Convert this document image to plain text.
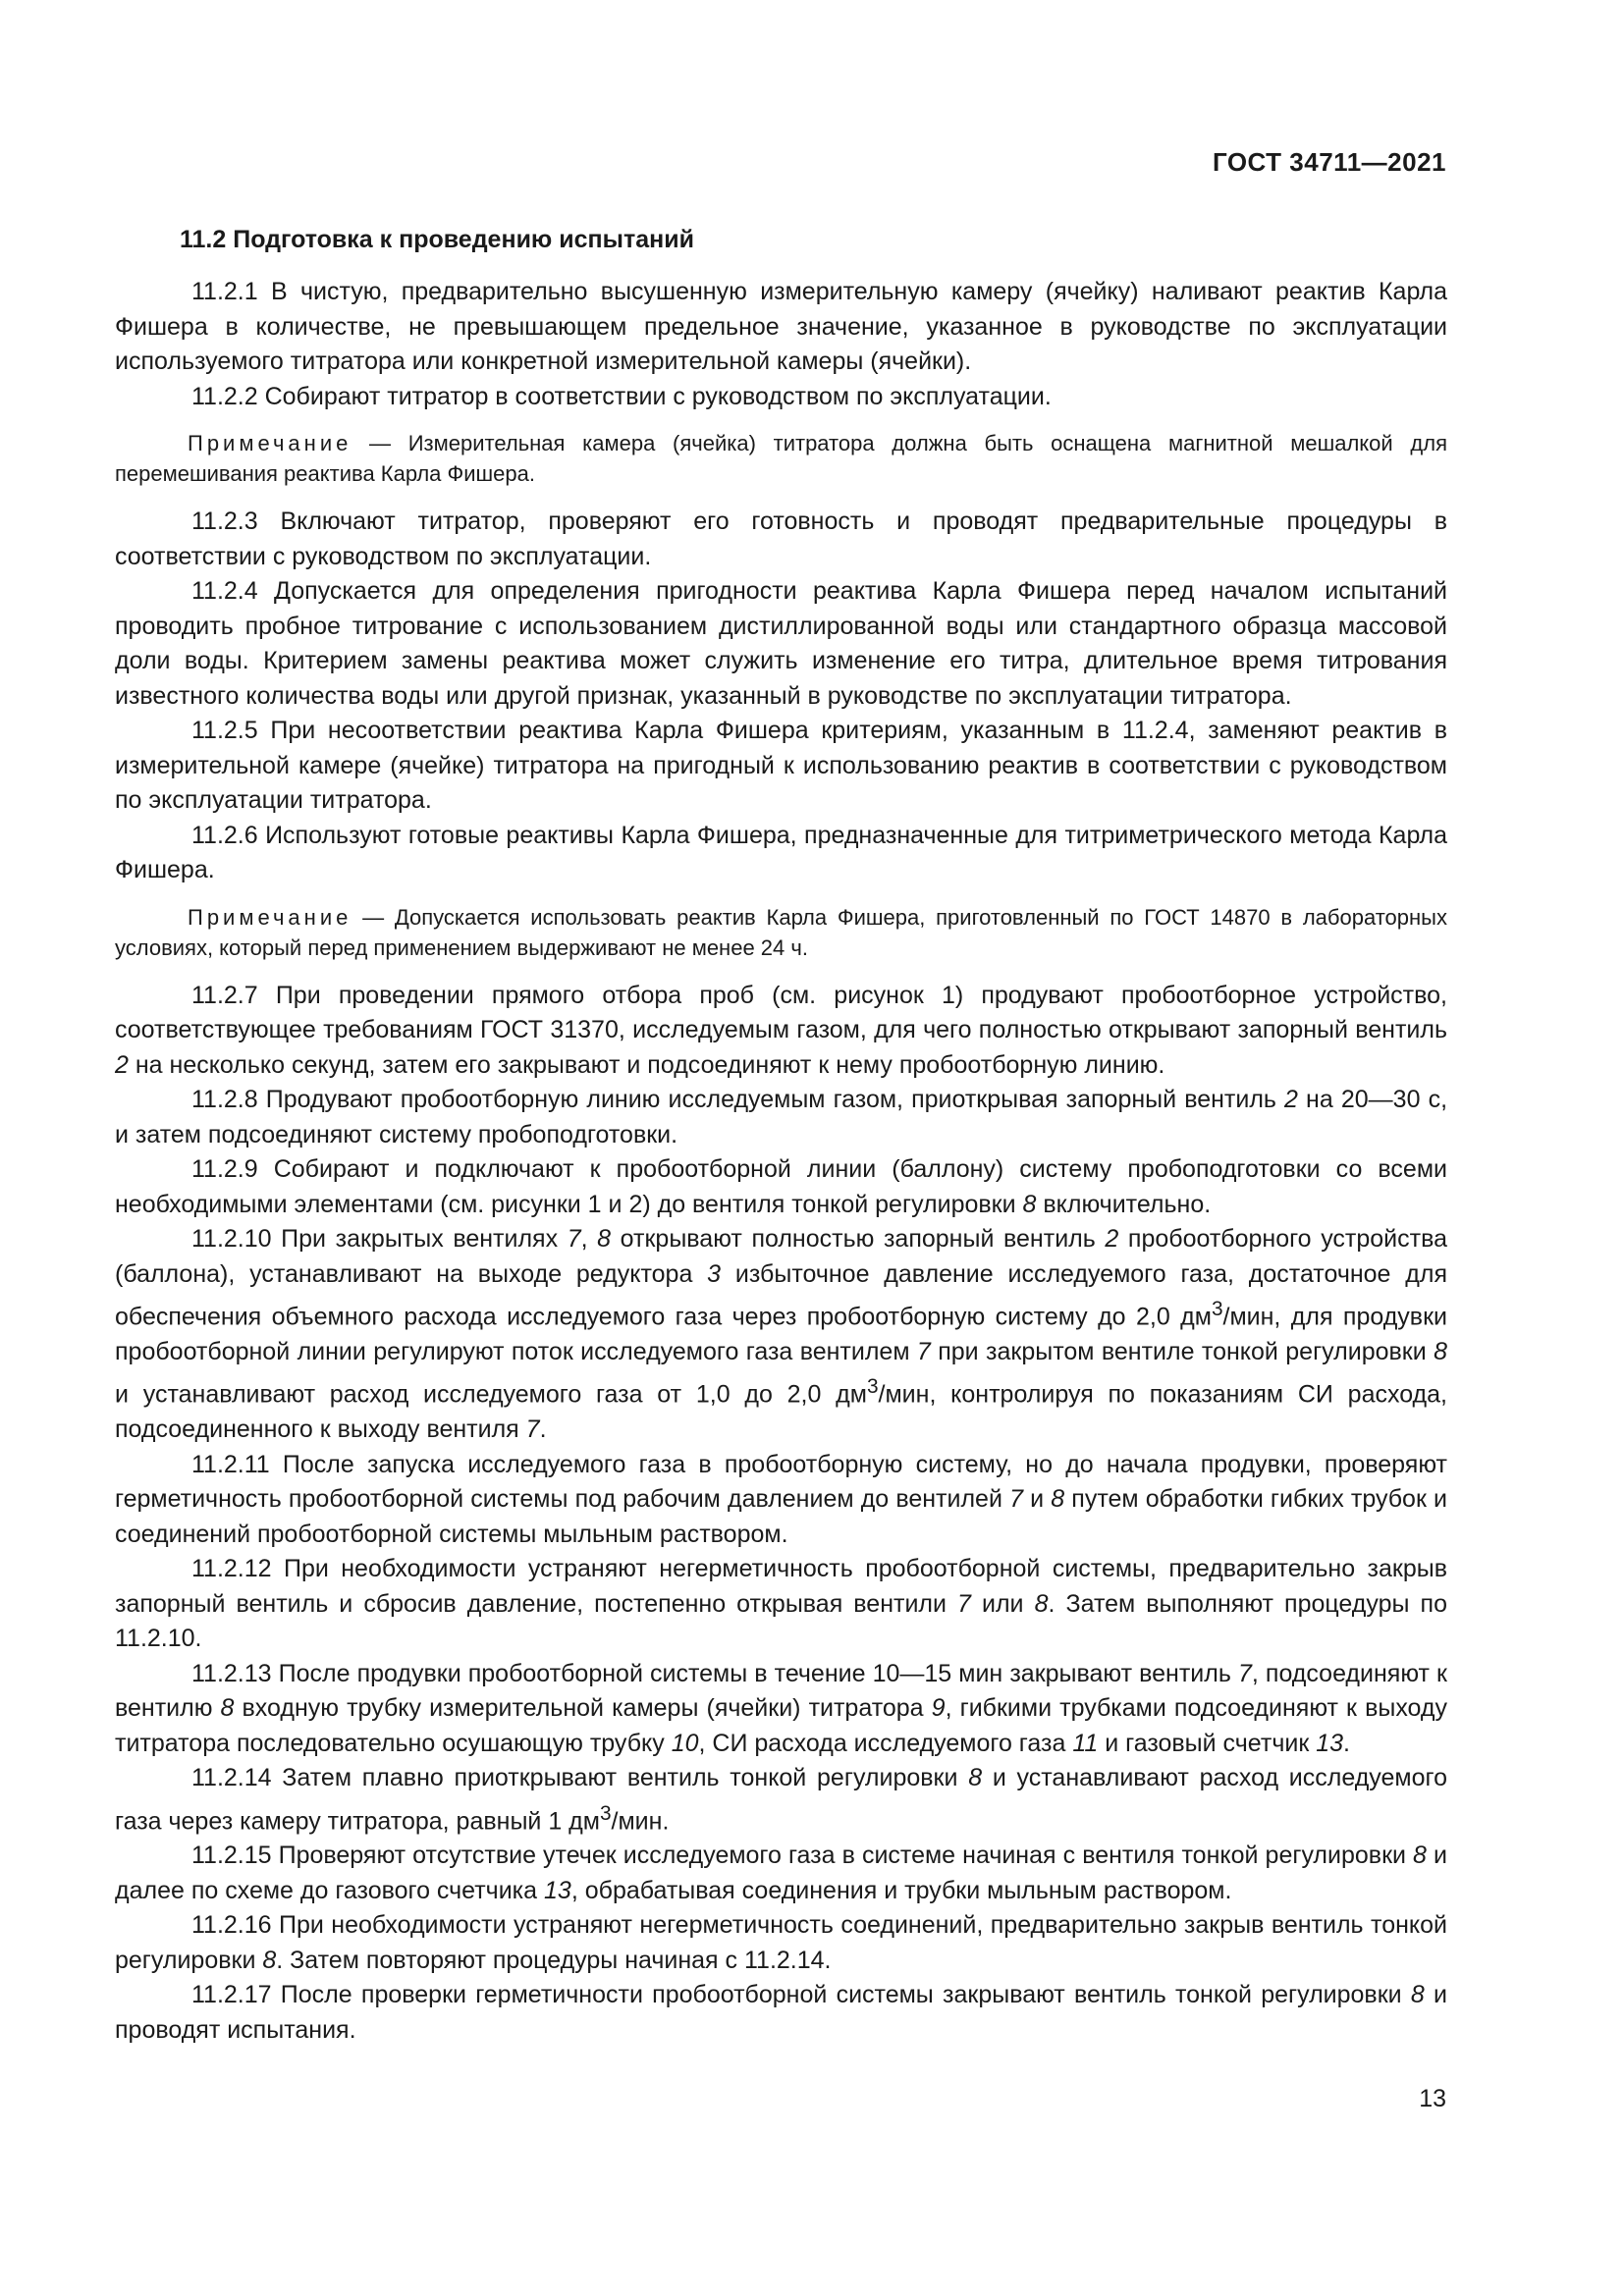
ГОСТ 34711—2021
11.2 Подготовка к проведению испытаний

11.2.1 В чистую, предварительно высушенную измерительную камеру (ячейку) наливают реактив Карла Фишера в количестве, не превышающем предельное значение, указанное в руководстве по эксплуатации используемого титратора или конкретной измерительной камеры (ячейки).

11.2.2 Собирают титратор в соответствии с руководством по эксплуатации.

Примечание — Измерительная камера (ячейка) титратора должна быть оснащена магнитной мешалкой для перемешивания реактива Карла Фишера.

11.2.3 Включают титратор, проверяют его готовность и проводят предварительные процедуры в соответствии с руководством по эксплуатации.

11.2.4 Допускается для определения пригодности реактива Карла Фишера перед началом испытаний проводить пробное титрование с использованием дистиллированной воды или стандартного образца массовой доли воды. Критерием замены реактива может служить изменение его титра, длительное время титрования известного количества воды или другой признак, указанный в руководстве по эксплуатации титратора.

11.2.5 При несоответствии реактива Карла Фишера критериям, указанным в 11.2.4, заменяют реактив в измерительной камере (ячейке) титратора на пригодный к использованию реактив в соответствии с руководством по эксплуатации титратора.

11.2.6 Используют готовые реактивы Карла Фишера, предназначенные для титриметрического метода Карла Фишера.

Примечание — Допускается использовать реактив Карла Фишера, приготовленный по ГОСТ 14870 в лабораторных условиях, который перед применением выдерживают не менее 24 ч.

11.2.7 При проведении прямого отбора проб (см. рисунок 1) продувают пробоотборное устройство, соответствующее требованиям ГОСТ 31370, исследуемым газом, для чего полностью открывают запорный вентиль 2 на несколько секунд, затем его закрывают и подсоединяют к нему пробоотборную линию.

11.2.8 Продувают пробоотборную линию исследуемым газом, приоткрывая запорный вентиль 2 на 20—30 с, и затем подсоединяют систему пробоподготовки.

11.2.9 Собирают и подключают к пробоотборной линии (баллону) систему пробоподготовки со всеми необходимыми элементами (см. рисунки 1 и 2) до вентиля тонкой регулировки 8 включительно.

11.2.10 При закрытых вентилях 7, 8 открывают полностью запорный вентиль 2 пробоотборного устройства (баллона), устанавливают на выходе редуктора 3 избыточное давление исследуемого газа, достаточное для обеспечения объемного расхода исследуемого газа через пробоотборную систему до 2,0 $дм^3$/мин, для продувки пробоотборной линии регулируют поток исследуемого газа вентилем 7 при закрытом вентиле тонкой регулировки 8 и устанавливают расход исследуемого газа от 1,0 до 2,0 $дм^3$/мин, контролируя по показаниям СИ расхода, подсоединенного к выходу вентиля 7.

11.2.11 После запуска исследуемого газа в пробоотборную систему, но до начала продувки, проверяют герметичность пробоотборной системы под рабочим давлением до вентилей 7 и 8 путем обработки гибких трубок и соединений пробоотборной системы мыльным раствором.

11.2.12 При необходимости устраняют негерметичность пробоотборной системы, предварительно закрыв запорный вентиль и сбросив давление, постепенно открывая вентили 7 или 8. Затем выполняют процедуры по 11.2.10.

11.2.13 После продувки пробоотборной системы в течение 10—15 мин закрывают вентиль 7, подсоединяют к вентилю 8 входную трубку измерительной камеры (ячейки) титратора 9, гибкими трубками подсоединяют к выходу титратора последовательно осушающую трубку 10, СИ расхода исследуемого газа 11 и газовый счетчик 13.

11.2.14 Затем плавно приоткрывают вентиль тонкой регулировки 8 и устанавливают расход исследуемого газа через камеру титратора, равный 1 $дм^3$/мин.

11.2.15 Проверяют отсутствие утечек исследуемого газа в системе начиная с вентиля тонкой регулировки 8 и далее по схеме до газового счетчика 13, обрабатывая соединения и трубки мыльным раствором.

11.2.16 При необходимости устраняют негерметичность соединений, предварительно закрыв вентиль тонкой регулировки 8. Затем повторяют процедуры начиная с 11.2.14.

11.2.17 После проверки герметичности пробоотборной системы закрывают вентиль тонкой регулировки 8 и проводят испытания.

13
